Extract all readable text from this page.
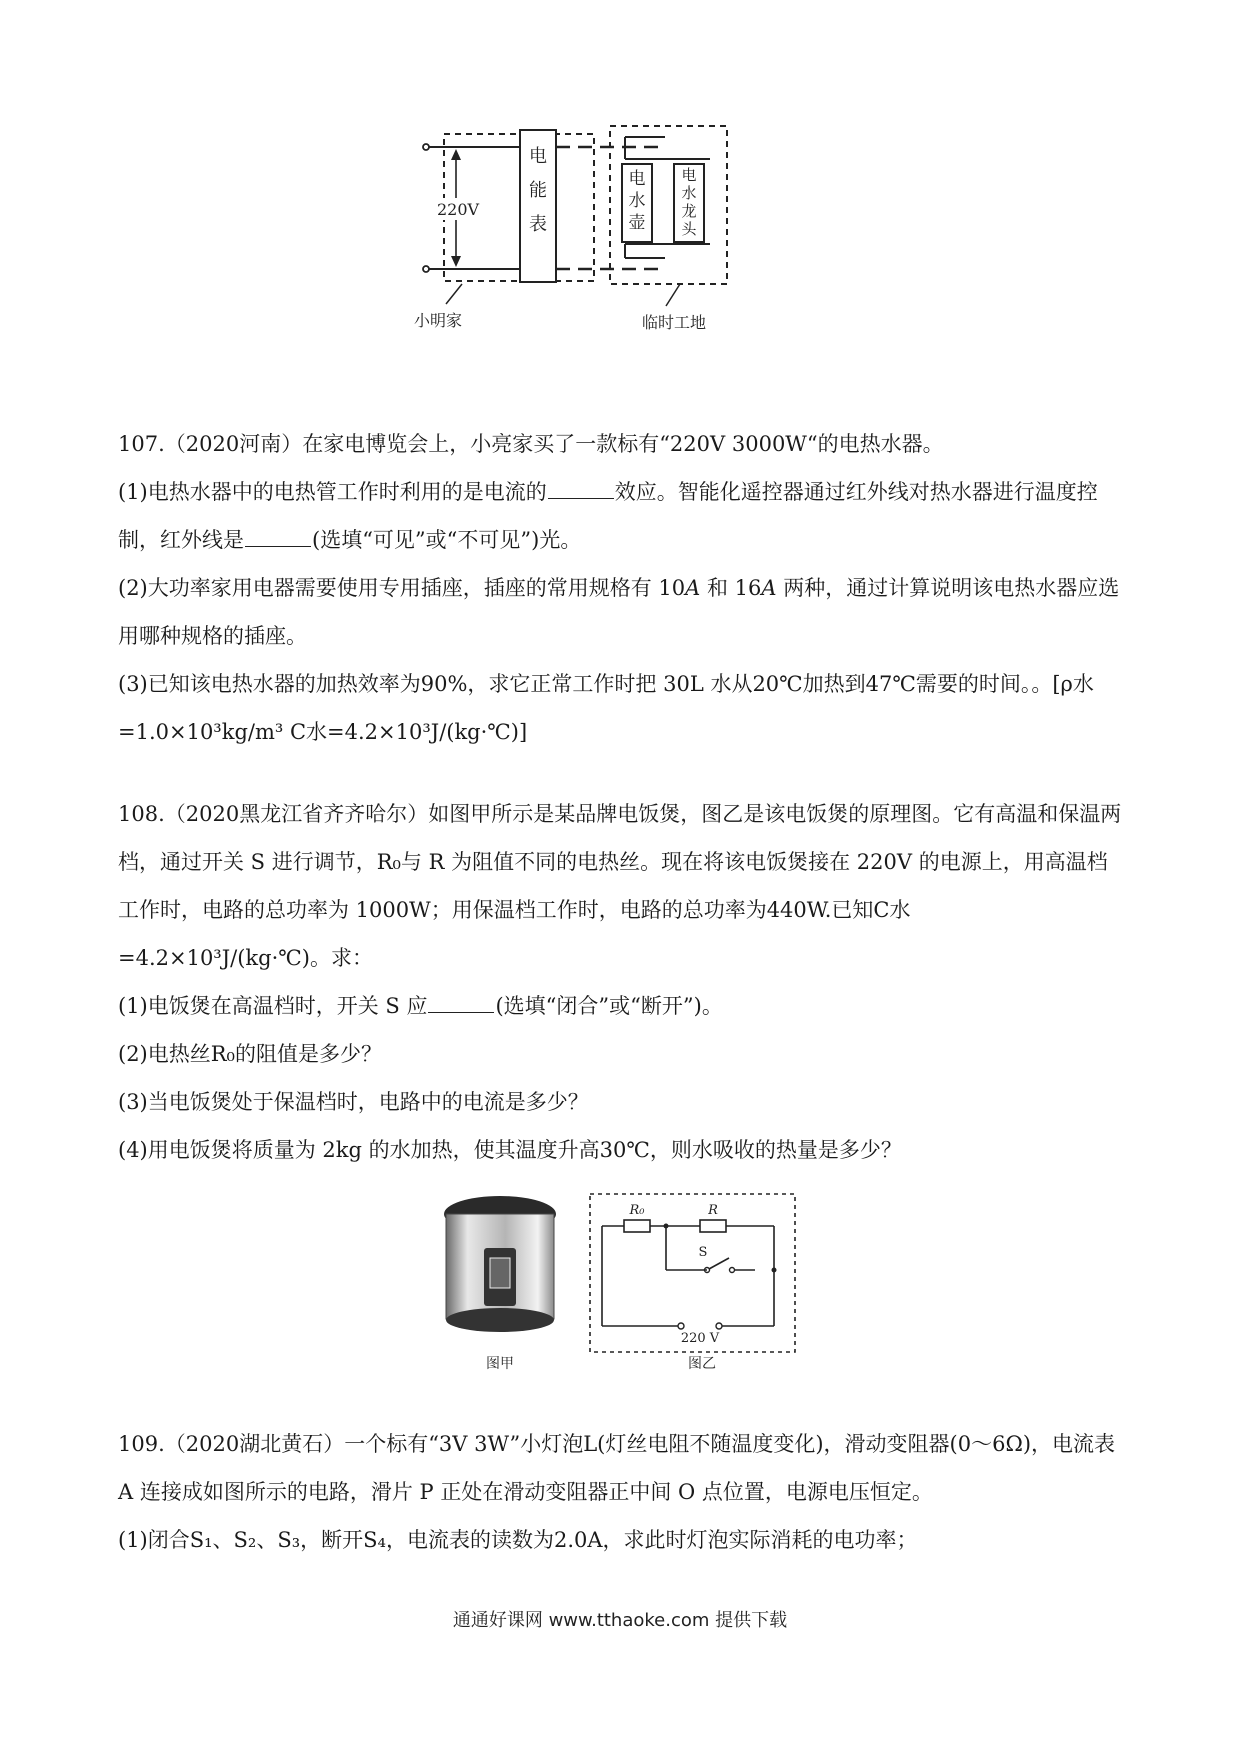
220V
电能表
电水壶
电水龙头
小明家	临时工地

107.（2020河南）在家电博览会上，小亮家买了一款标有“220V 3000W“的电热水器。

(1)电热水器中的电热管工作时利用的是电流的	效应。智能化遥控器通过红外线对热水器进行温度控制，红外线是	(选填“可见”或“不可见”)光。

(2)大功率家用电器需要使用专用插座，插座的常用规格有 10A 和 16A 两种，通过计算说明该电热水器应选用哪种规格的插座。

(3)已知该电热水器的加热效率为90%，求它正常工作时把 30L 水从20℃加热到47℃需要的时间。。[ρ水=1.0×10³kg/m³ C水=4.2×10³J/(kg·℃)]

108.（2020黑龙江省齐齐哈尔）如图甲所示是某品牌电饭煲，图乙是该电饭煲的原理图。它有高温和保温两档，通过开关 S 进行调节，R₀与 R 为阻值不同的电热丝。现在将该电饭煲接在 220V 的电源上，用高温档工作时，电路的总功率为 1000W；用保温档工作时，电路的总功率为440W.已知C水=4.2×10³J/(kg·℃)。求：

(1)电饭煲在高温档时，开关 S 应	(选填“闭合”或“断开”)。

(2)电热丝R₀的阻值是多少？

(3)当电饭煲处于保温档时，电路中的电流是多少？

(4)用电饭煲将质量为 2kg 的水加热，使其温度升高30℃，则水吸收的热量是多少？

图甲
R₀	R
S
220 V
图乙

109.（2020湖北黄石）一个标有“3V 3W”小灯泡L(灯丝电阻不随温度变化)，滑动变阻器(0～6Ω)，电流表 A 连接成如图所示的电路，滑片 P 正处在滑动变阻器正中间 O 点位置，电源电压恒定。

(1)闭合S₁、S₂、S₃，断开S₄，电流表的读数为2.0A，求此时灯泡实际消耗的电功率；

通通好课网 www.tthaoke.com 提供下载
